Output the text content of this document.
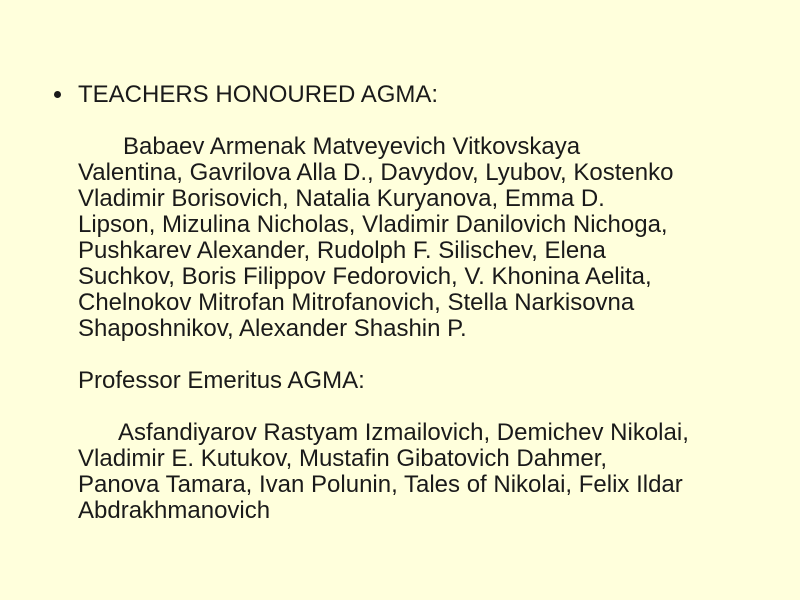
TEACHERS HONOURED AGMA:
Babaev Armenak Matveyevich Vitkovskaya
Valentina, Gavrilova Alla D., Davydov, Lyubov, Kostenko
Vladimir Borisovich, Natalia Kuryanova, Emma D.
Lipson, Mizulina Nicholas, Vladimir Danilovich Nichoga,
Pushkarev Alexander, Rudolph F. Silischev, Elena
Suchkov, Boris Filippov Fedorovich, V. Khonina Aelita,
Chelnokov Mitrofan Mitrofanovich, Stella Narkisovna
Shaposhnikov, Alexander Shashin P.
Professor Emeritus AGMA:
Asfandiyarov Rastyam Izmailovich, Demichev Nikolai,
Vladimir E. Kutukov, Mustafin Gibatovich Dahmer,
Panova Tamara, Ivan Polunin, Tales of Nikolai, Felix Ildar
Abdrakhmanovich
